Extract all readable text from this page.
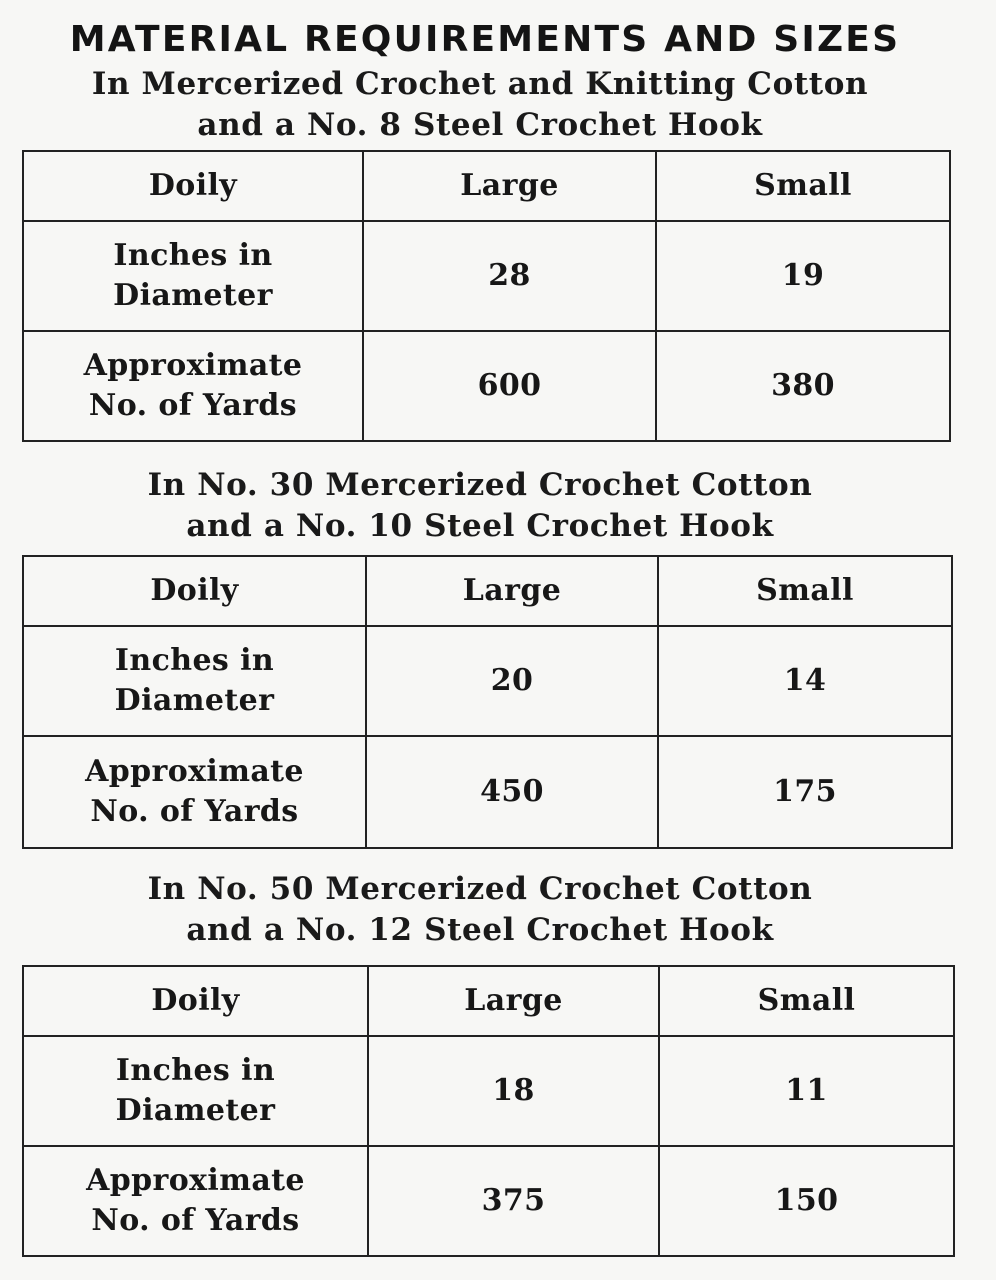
MATERIAL REQUIREMENTS AND SIZES
In Mercerized Crochet and Knitting Cotton
and a No. 8 Steel Crochet Hook
Doily	Large	Small

Inches in
Diameter	28	19

Approximate
No. of Yards	600	380
In No. 30 Mercerized Crochet Cotton
and a No. 10 Steel Crochet Hook
Doily	Large	Small

Inches in
Diameter	20	14

Approximate
No. of Yards	450	175
In No. 50 Mercerized Crochet Cotton
and a No. 12 Steel Crochet Hook
Doily	Large	Small

Inches in
Diameter	18	11

Approximate
No. of Yards	375	150
